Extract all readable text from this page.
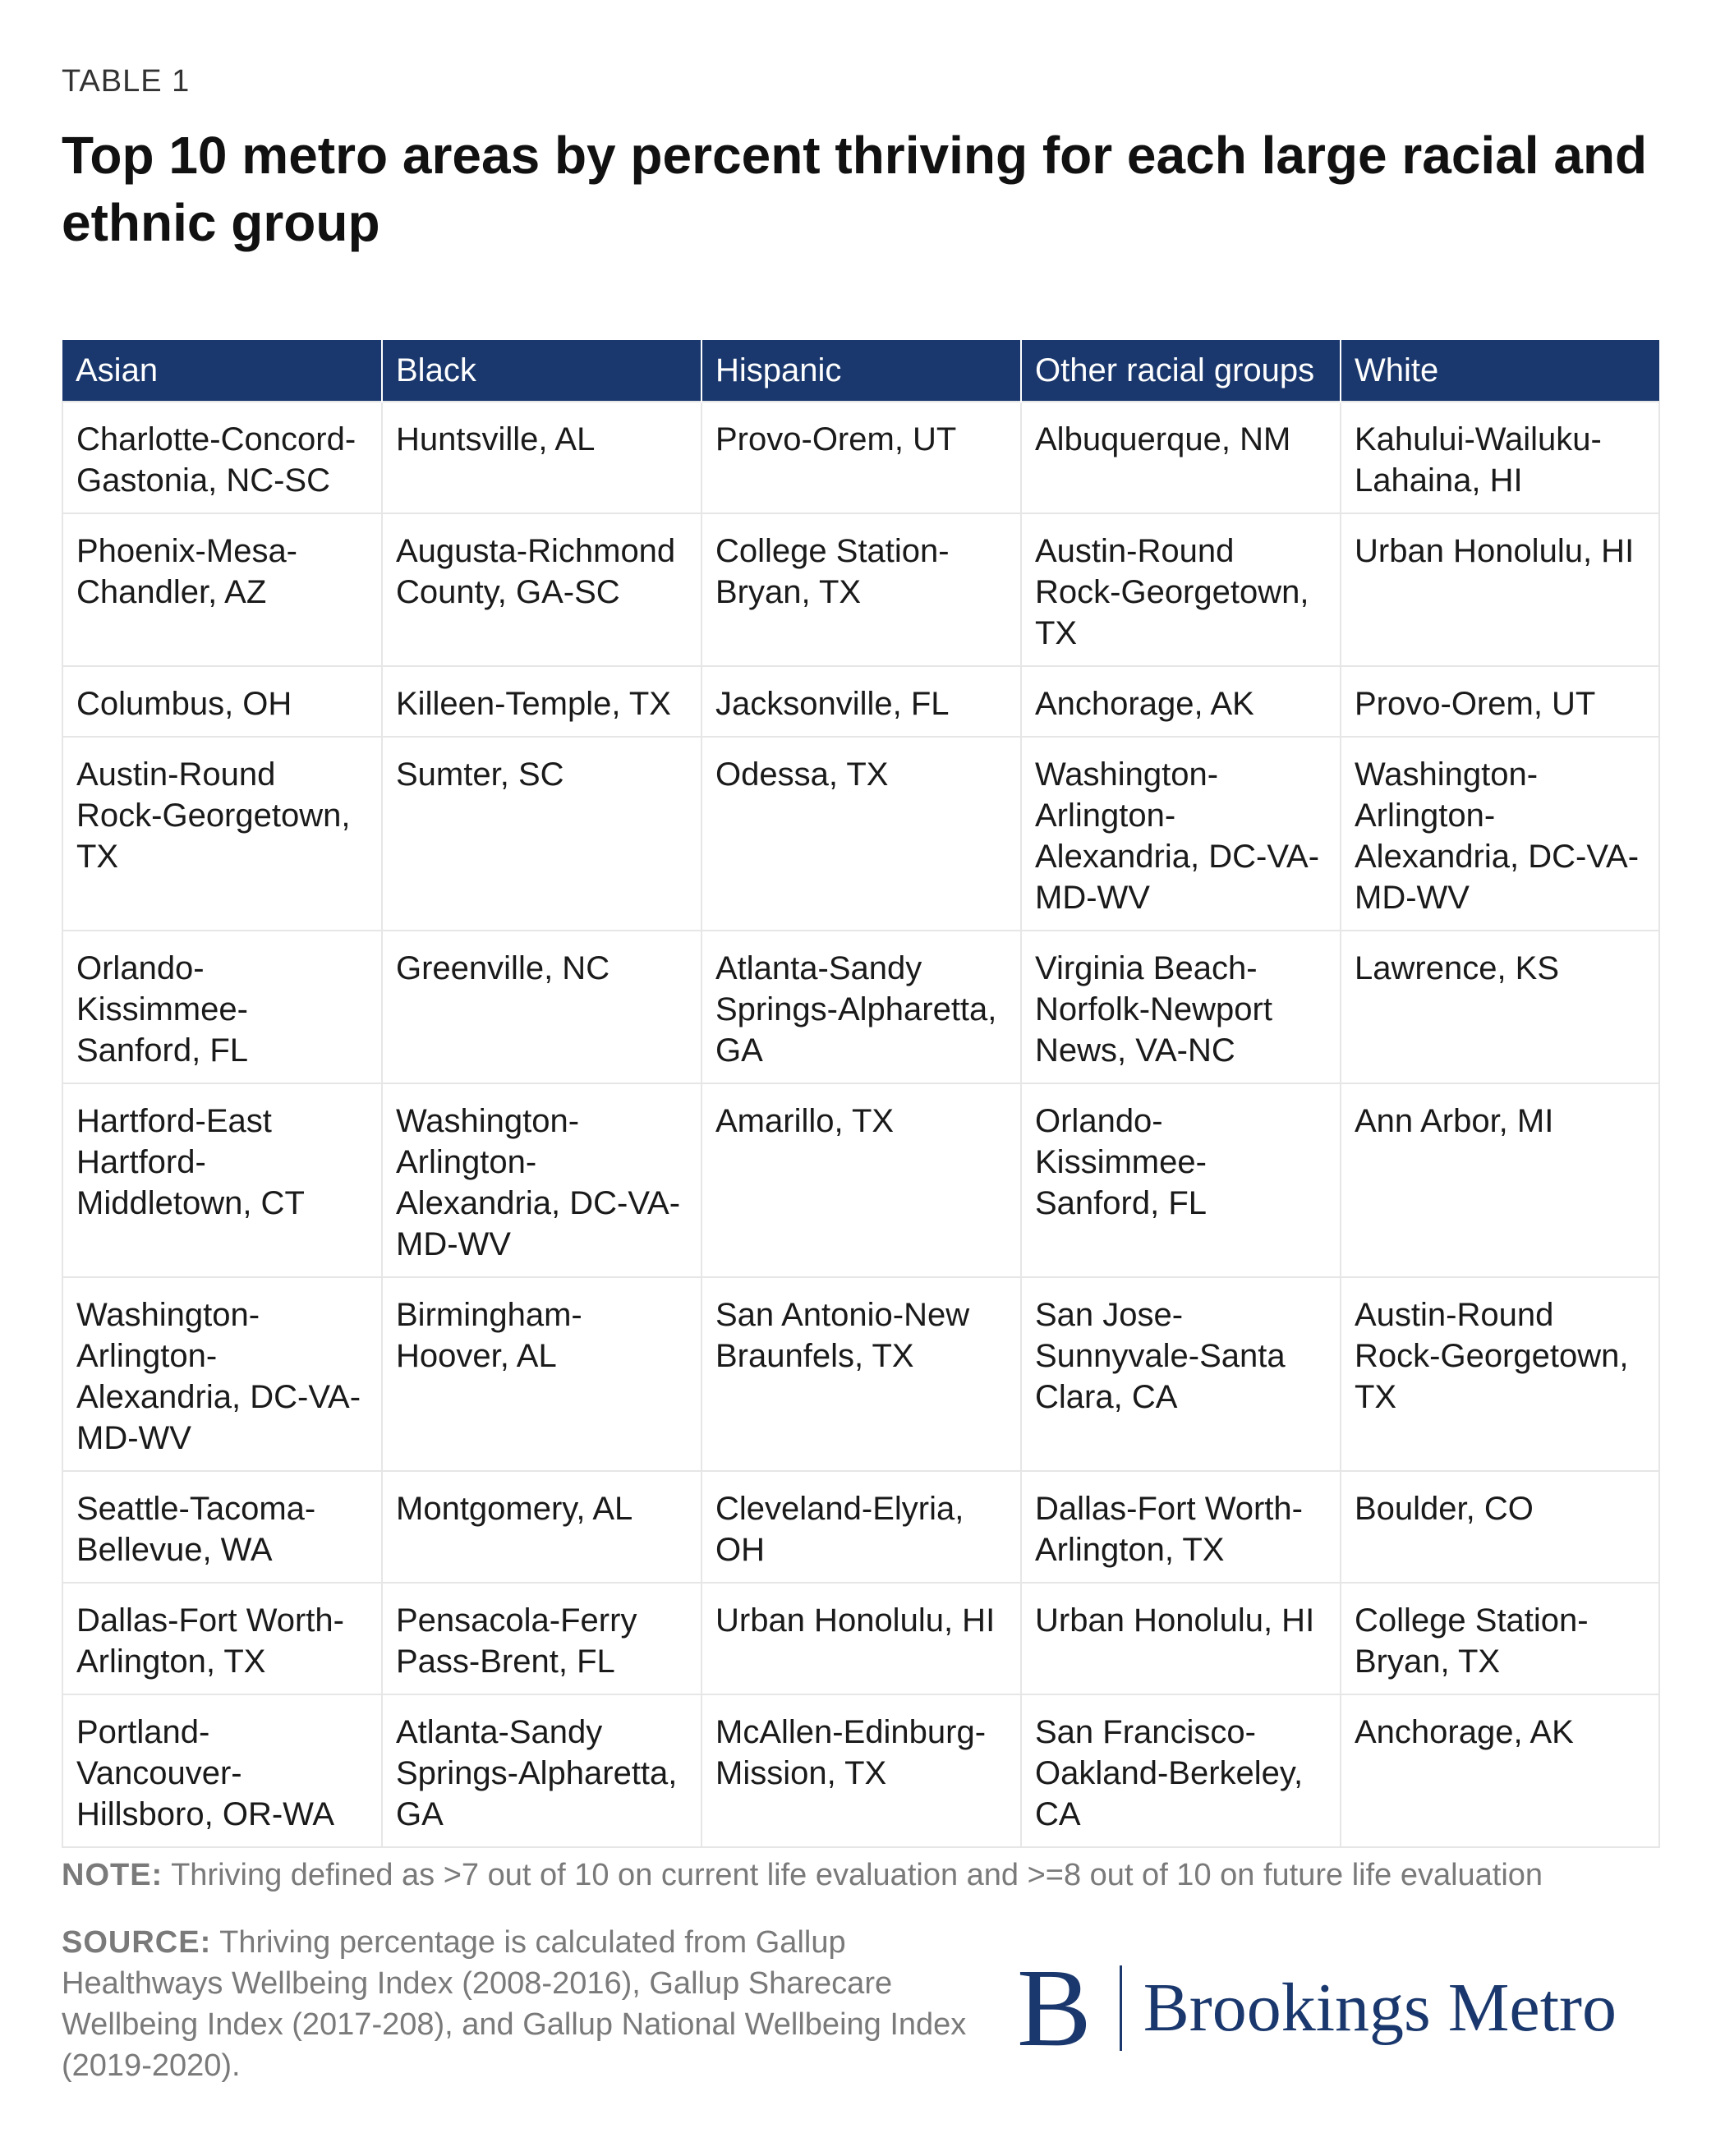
TABLE 1
Top 10 metro areas by percent thriving for each large racial and ethnic group
Asian	Black	Hispanic	Other racial groups	White
Charlotte-Concord-Gastonia, NC-SC	Huntsville, AL	Provo-Orem, UT	Albuquerque, NM	Kahului-Wailuku-Lahaina, HI
Phoenix-Mesa-Chandler, AZ	Augusta-Richmond County, GA-SC	College Station-Bryan, TX	Austin-Round Rock-Georgetown, TX	Urban Honolulu, HI
Columbus, OH	Killeen-Temple, TX	Jacksonville, FL	Anchorage, AK	Provo-Orem, UT
Austin-Round Rock-Georgetown, TX	Sumter, SC	Odessa, TX	Washington-Arlington-Alexandria, DC-VA-MD-WV	Washington-Arlington-Alexandria, DC-VA-MD-WV
Orlando-Kissimmee-Sanford, FL	Greenville, NC	Atlanta-Sandy Springs-Alpharetta, GA	Virginia Beach-Norfolk-Newport News, VA-NC	Lawrence, KS
Hartford-East Hartford-Middletown, CT	Washington-Arlington-Alexandria, DC-VA-MD-WV	Amarillo, TX	Orlando-Kissimmee-Sanford, FL	Ann Arbor, MI
Washington-Arlington-Alexandria, DC-VA-MD-WV	Birmingham-Hoover, AL	San Antonio-New Braunfels, TX	San Jose-Sunnyvale-Santa Clara, CA	Austin-Round Rock-Georgetown, TX
Seattle-Tacoma-Bellevue, WA	Montgomery, AL	Cleveland-Elyria, OH	Dallas-Fort Worth-Arlington, TX	Boulder, CO
Dallas-Fort Worth-Arlington, TX	Pensacola-Ferry Pass-Brent, FL	Urban Honolulu, HI	Urban Honolulu, HI	College Station-Bryan, TX
Portland-Vancouver-Hillsboro, OR-WA	Atlanta-Sandy Springs-Alpharetta, GA	McAllen-Edinburg-Mission, TX	San Francisco-Oakland-Berkeley, CA	Anchorage, AK

NOTE: Thriving defined as >7 out of 10 on current life evaluation and >=8 out of 10 on future life evaluation

SOURCE: Thriving percentage is calculated from Gallup Healthways Wellbeing Index (2008-2016), Gallup Sharecare Wellbeing Index (2017-208), and Gallup National Wellbeing Index (2019-2020).	B Brookings Metro
